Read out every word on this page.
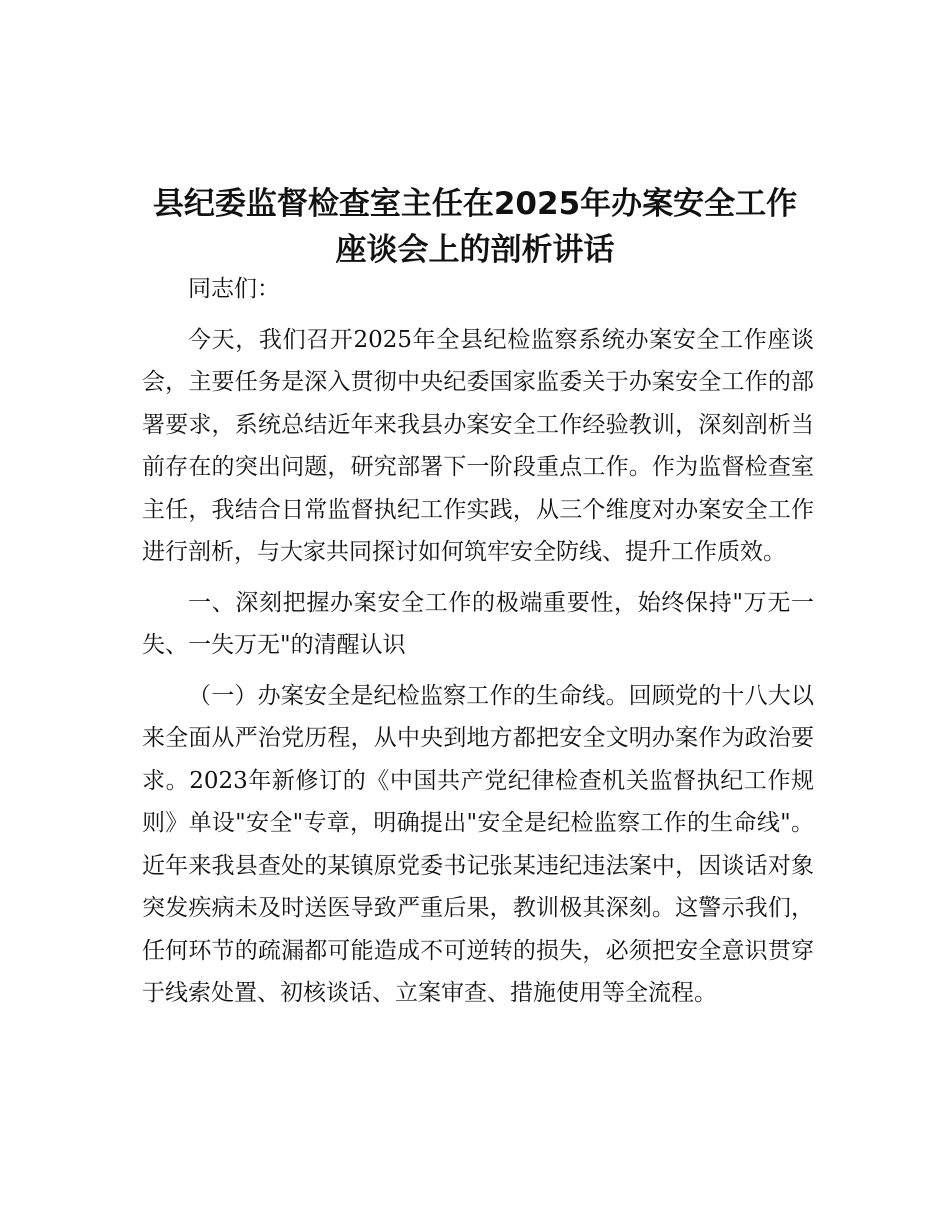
县纪委监督检查室主任在2025年办案安全工作
座谈会上的剖析讲话

同志们：

今天，我们召开2025年全县纪检监察系统办案安全工作座谈会，主要任务是深入贯彻中央纪委国家监委关于办案安全工作的部署要求，系统总结近年来我县办案安全工作经验教训，深刻剖析当前存在的突出问题，研究部署下一阶段重点工作。作为监督检查室主任，我结合日常监督执纪工作实践，从三个维度对办案安全工作进行剖析，与大家共同探讨如何筑牢安全防线、提升工作质效。

一、深刻把握办案安全工作的极端重要性，始终保持"万无一失、一失万无"的清醒认识

（一）办案安全是纪检监察工作的生命线。回顾党的十八大以来全面从严治党历程，从中央到地方都把安全文明办案作为政治要求。2023年新修订的《中国共产党纪律检查机关监督执纪工作规则》单设"安全"专章，明确提出"安全是纪检监察工作的生命线"。近年来我县查处的某镇原党委书记张某违纪违法案中，因谈话对象突发疾病未及时送医导致严重后果，教训极其深刻。这警示我们，任何环节的疏漏都可能造成不可逆转的损失，必须把安全意识贯穿于线索处置、初核谈话、立案审查、措施使用等全流程。
